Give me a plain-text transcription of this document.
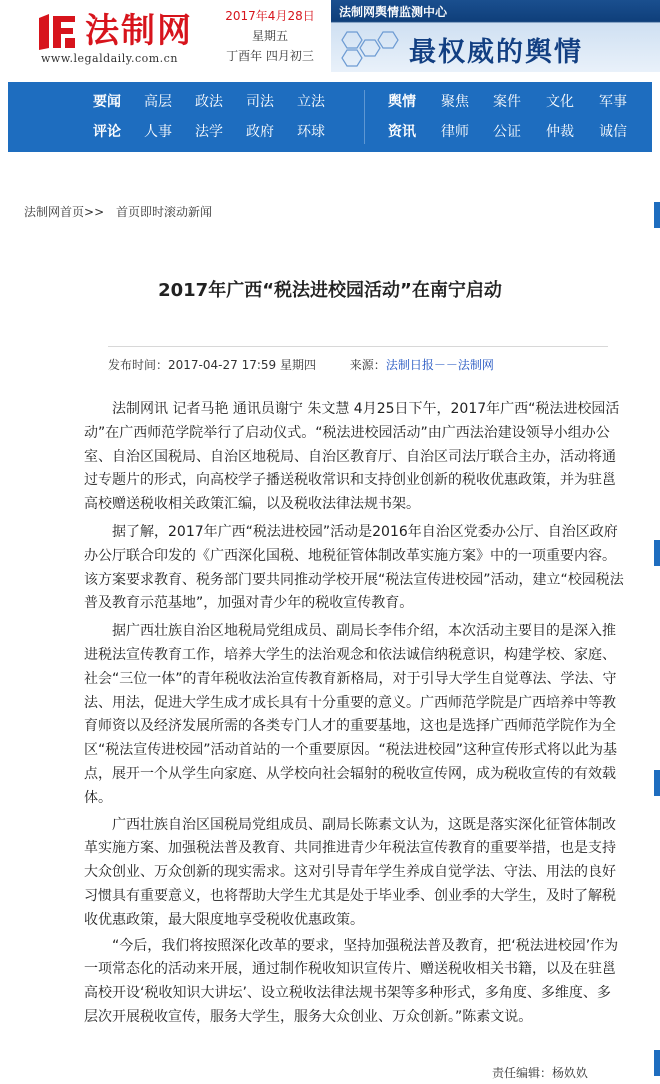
法制网
www.legaldaily.com.cn
2017年4月28日
星期五
丁酉年 四月初三
法制网舆情监测中心
最权威的舆情
要闻 高层 政法 司法 立法	舆情 聚焦 案件 文化 军事
评论 人事 法学 政府 环球	资讯 律师 公证 仲裁 诚信
法制网首页>> 首页即时滚动新闻
2017年广西“税法进校园活动”在南宁启动
发布时间：2017-04-27 17:59 星期四	来源：法制日报－－法制网

　　法制网讯 记者马艳 通讯员谢宁 朱文慧 4月25日下午，2017年广西“税法进校园活动”在广西师范学院举行了启动仪式。“税法进校园活动”由广西法治建设领导小组办公室、自治区国税局、自治区地税局、自治区教育厅、自治区司法厅联合主办，活动将通过专题片的形式，向高校学子播送税收常识和支持创业创新的税收优惠政策，并为驻邕高校赠送税收相关政策汇编，以及税收法律法规书架。

　　据了解，2017年广西“税法进校园”活动是2016年自治区党委办公厅、自治区政府办公厅联合印发的《广西深化国税、地税征管体制改革实施方案》中的一项重要内容。该方案要求教育、税务部门要共同推动学校开展“税法宣传进校园”活动，建立“校园税法普及教育示范基地”，加强对青少年的税收宣传教育。

　　据广西壮族自治区地税局党组成员、副局长李伟介绍，本次活动主要目的是深入推进税法宣传教育工作，培养大学生的法治观念和依法诚信纳税意识，构建学校、家庭、社会“三位一体”的青年税收法治宣传教育新格局，对于引导大学生自觉尊法、学法、守法、用法，促进大学生成才成长具有十分重要的意义。广西师范学院是广西培养中等教育师资以及经济发展所需的各类专门人才的重要基地，这也是选择广西师范学院作为全区“税法宣传进校园”活动首站的一个重要原因。“税法进校园”这种宣传形式将以此为基点，展开一个从学生向家庭、从学校向社会辐射的税收宣传网，成为税收宣传的有效载体。

　　广西壮族自治区国税局党组成员、副局长陈素文认为，这既是落实深化征管体制改革实施方案、加强税法普及教育、共同推进青少年税法宣传教育的重要举措，也是支持大众创业、万众创新的现实需求。这对引导青年学生养成自觉学法、守法、用法的良好习惯具有重要意义，也将帮助大学生尤其是处于毕业季、创业季的大学生，及时了解税收优惠政策，最大限度地享受税收优惠政策。

　　“今后，我们将按照深化改革的要求，坚持加强税法普及教育，把‘税法进校园’作为一项常态化的活动来开展，通过制作税收知识宣传片、赠送税收相关书籍，以及在驻邕高校开设‘税收知识大讲坛’、设立税收法律法规书架等多种形式，多角度、多维度、多层次开展税收宣传，服务大学生，服务大众创业、万众创新。”陈素文说。

责任编辑：杨奺奺
